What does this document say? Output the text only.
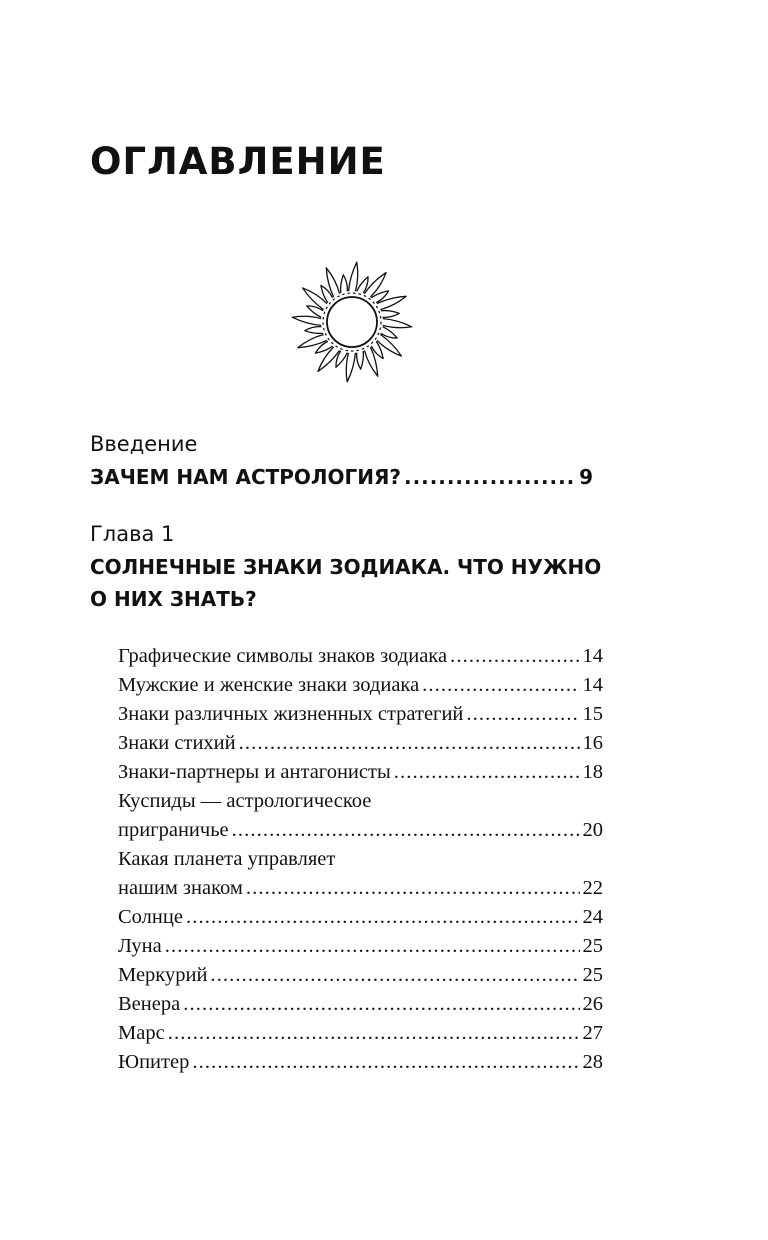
ОГЛАВЛЕНИЕ
Введение
ЗАЧЕМ НАМ АСТРОЛОГИЯ? . . .	9
Глава 1
СОЛНЕЧНЫЕ ЗНАКИ ЗОДИАКА. ЧТО НУЖНО
О НИХ ЗНАТЬ?
Графические символы знаков зодиака . . .	14
Мужские и женские знаки зодиака . . .	14
Знаки различных жизненных стратегий . . .	15
Знаки стихий . . .	16
Знаки-партнеры и антагонисты . . .	18
Куспиды — астрологическое
приграничье . . .	20
Какая планета управляет
нашим знаком . . .	22
Солнце . . .	24
Луна . . .	25
Меркурий . . .	25
Венера . . .	26
Марс . . .	27
Юпитер . . .	28
